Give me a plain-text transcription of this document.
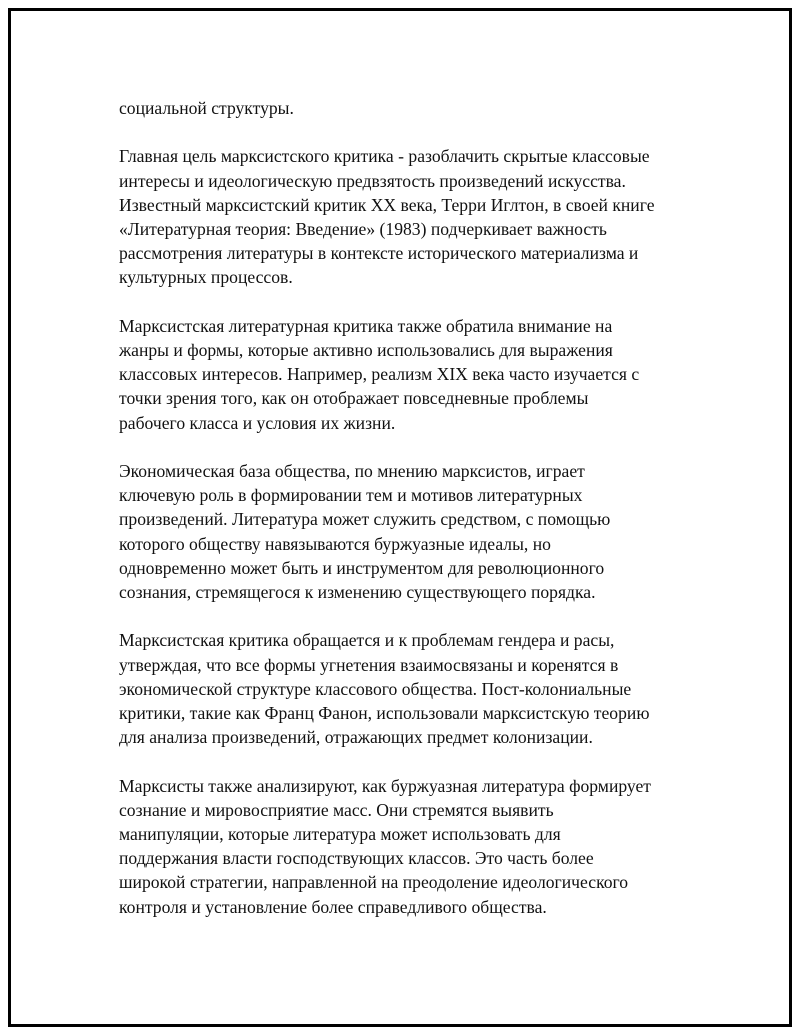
социальной структуры.

Главная цель марксистского критика - разоблачить скрытые классовые
интересы и идеологическую предвзятость произведений искусства.
Известный марксистский критик XX века, Терри Иглтон, в своей книге
«Литературная теория: Введение» (1983) подчеркивает важность
рассмотрения литературы в контексте исторического материализма и
культурных процессов.

Марксистская литературная критика также обратила внимание на
жанры и формы, которые активно использовались для выражения
классовых интересов. Например, реализм XIX века часто изучается с
точки зрения того, как он отображает повседневные проблемы
рабочего класса и условия их жизни.

Экономическая база общества, по мнению марксистов, играет
ключевую роль в формировании тем и мотивов литературных
произведений. Литература может служить средством, с помощью
которого обществу навязываются буржуазные идеалы, но
одновременно может быть и инструментом для революционного
сознания, стремящегося к изменению существующего порядка.

Марксистская критика обращается и к проблемам гендера и расы,
утверждая, что все формы угнетения взаимосвязаны и коренятся в
экономической структуре классового общества. Пост-колониальные
критики, такие как Франц Фанон, использовали марксистскую теорию
для анализа произведений, отражающих предмет колонизации.

Марксисты также анализируют, как буржуазная литература формирует
сознание и мировосприятие масс. Они стремятся выявить
манипуляции, которые литература может использовать для
поддержания власти господствующих классов. Это часть более
широкой стратегии, направленной на преодоление идеологического
контроля и установление более справедливого общества.
